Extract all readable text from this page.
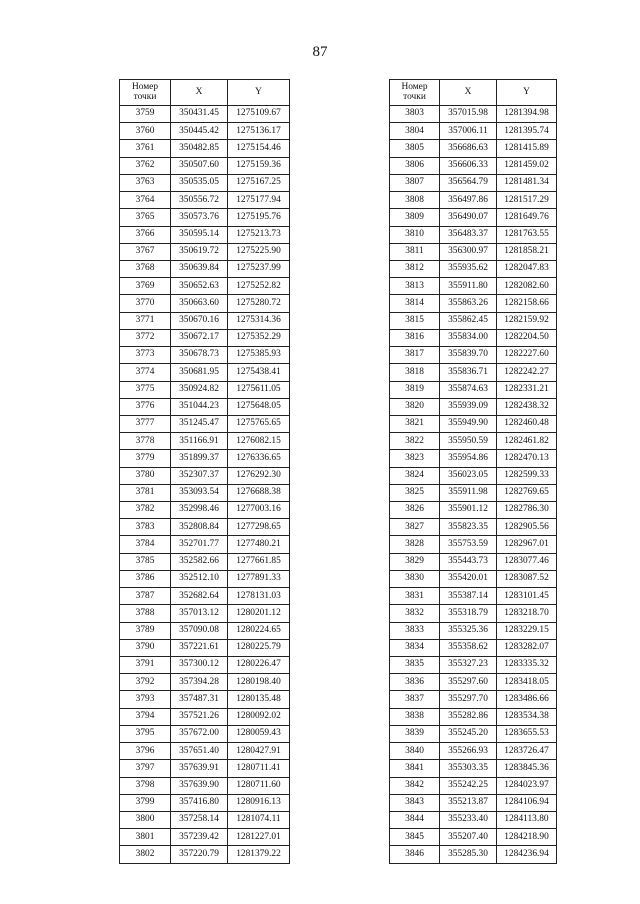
87
Номер точки	X	Y
3759	350431.45	1275109.67
3760	350445.42	1275136.17
3761	350482.85	1275154.46
3762	350507.60	1275159.36
3763	350535.05	1275167.25
3764	350556.72	1275177.94
3765	350573.76	1275195.76
3766	350595.14	1275213.73
3767	350619.72	1275225.90
3768	350639.84	1275237.99
3769	350652.63	1275252.82
3770	350663.60	1275280.72
3771	350670.16	1275314.36
3772	350672.17	1275352.29
3773	350678.73	1275385.93
3774	350681.95	1275438.41
3775	350924.82	1275611.05
3776	351044.23	1275648.05
3777	351245.47	1275765.65
3778	351166.91	1276082.15
3779	351899.37	1276336.65
3780	352307.37	1276292.30
3781	353093.54	1276688.38
3782	352998.46	1277003.16
3783	352808.84	1277298.65
3784	352701.77	1277480.21
3785	352582.66	1277661.85
3786	352512.10	1277891.33
3787	352682.64	1278131.03
3788	357013.12	1280201.12
3789	357090.08	1280224.65
3790	357221.61	1280225.79
3791	357300.12	1280226.47
3792	357394.28	1280198.40
3793	357487.31	1280135.48
3794	357521.26	1280092.02
3795	357672.00	1280059.43
3796	357651.40	1280427.91
3797	357639.91	1280711.41
3798	357639.90	1280711.60
3799	357416.80	1280916.13
3800	357258.14	1281074.11
3801	357239.42	1281227.01
3802	357220.79	1281379.22
Номер точки	X	Y
3803	357015.98	1281394.98
3804	357006.11	1281395.74
3805	356686.63	1281415.89
3806	356606.33	1281459.02
3807	356564.79	1281481.34
3808	356497.86	1281517.29
3809	356490.07	1281649.76
3810	356483.37	1281763.55
3811	356300.97	1281858.21
3812	355935.62	1282047.83
3813	355911.80	1282082.60
3814	355863.26	1282158.66
3815	355862.45	1282159.92
3816	355834.00	1282204.50
3817	355839.70	1282227.60
3818	355836.71	1282242.27
3819	355874.63	1282331.21
3820	355939.09	1282438.32
3821	355949.90	1282460.48
3822	355950.59	1282461.82
3823	355954.86	1282470.13
3824	356023.05	1282599.33
3825	355911.98	1282769.65
3826	355901.12	1282786.30
3827	355823.35	1282905.56
3828	355753.59	1282967.01
3829	355443.73	1283077.46
3830	355420.01	1283087.52
3831	355387.14	1283101.45
3832	355318.79	1283218.70
3833	355325.36	1283229.15
3834	355358.62	1283282.07
3835	355327.23	1283335.32
3836	355297.60	1283418.05
3837	355297.70	1283486.66
3838	355282.86	1283534.38
3839	355245.20	1283655.53
3840	355266.93	1283726.47
3841	355303.35	1283845.36
3842	355242.25	1284023.97
3843	355213.87	1284106.94
3844	355233.40	1284113.80
3845	355207.40	1284218.90
3846	355285.30	1284236.94
